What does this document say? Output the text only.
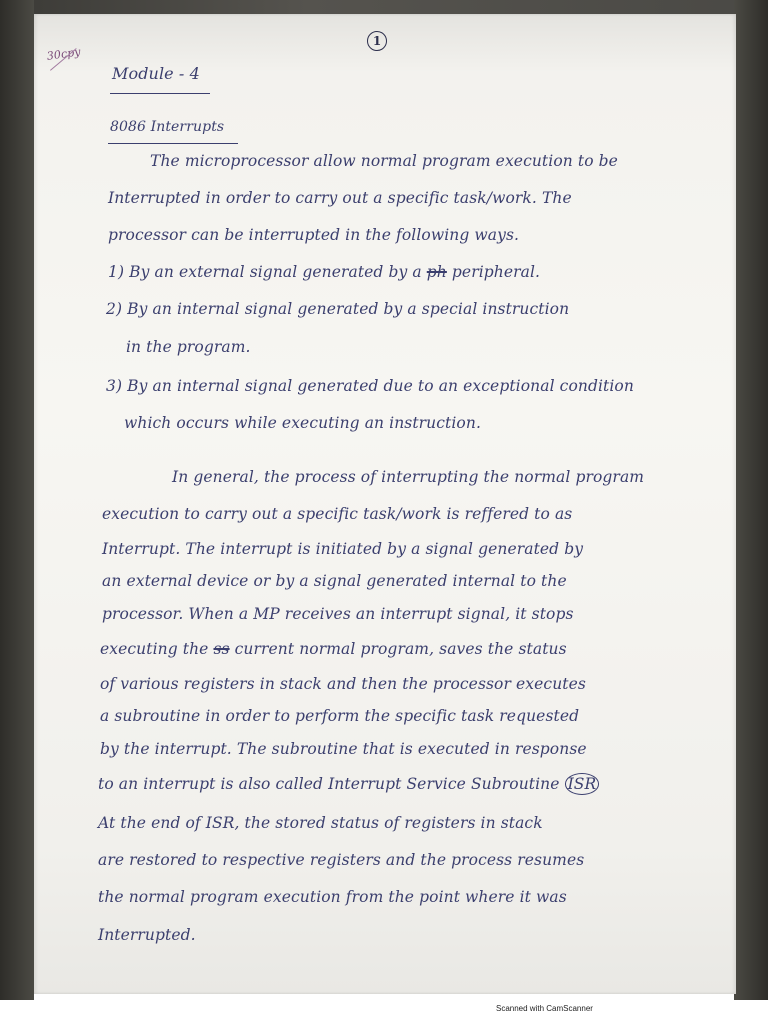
30cpy
1
Module - 4
8086 Interrupts
The microprocessor allow normal program execution to be
Interrupted in order to carry out a specific task/work. The
processor can be interrupted in the following ways.
1) By an external signal generated by a ph peripheral.
2) By an internal signal generated by a special instruction
in the program.
3) By an internal signal generated due to an exceptional condition
which occurs while executing an instruction.
In general, the process of interrupting the normal program
execution to carry out a specific task/work is reffered to as
Interrupt. The interrupt is initiated by a signal generated by
an external device or by a signal generated internal to the
processor. When a MP receives an interrupt signal, it stops
executing the ss current normal program, saves the status
of various registers in stack and then the processor executes
a subroutine in order to perform the specific task requested
by the interrupt. The subroutine that is executed in response
to an interrupt is also called Interrupt Service Subroutine ISR
At the end of ISR, the stored status of registers in stack
are restored to respective registers and the process resumes
the normal program execution from the point where it was
Interrupted.
Scanned with CamScanner
